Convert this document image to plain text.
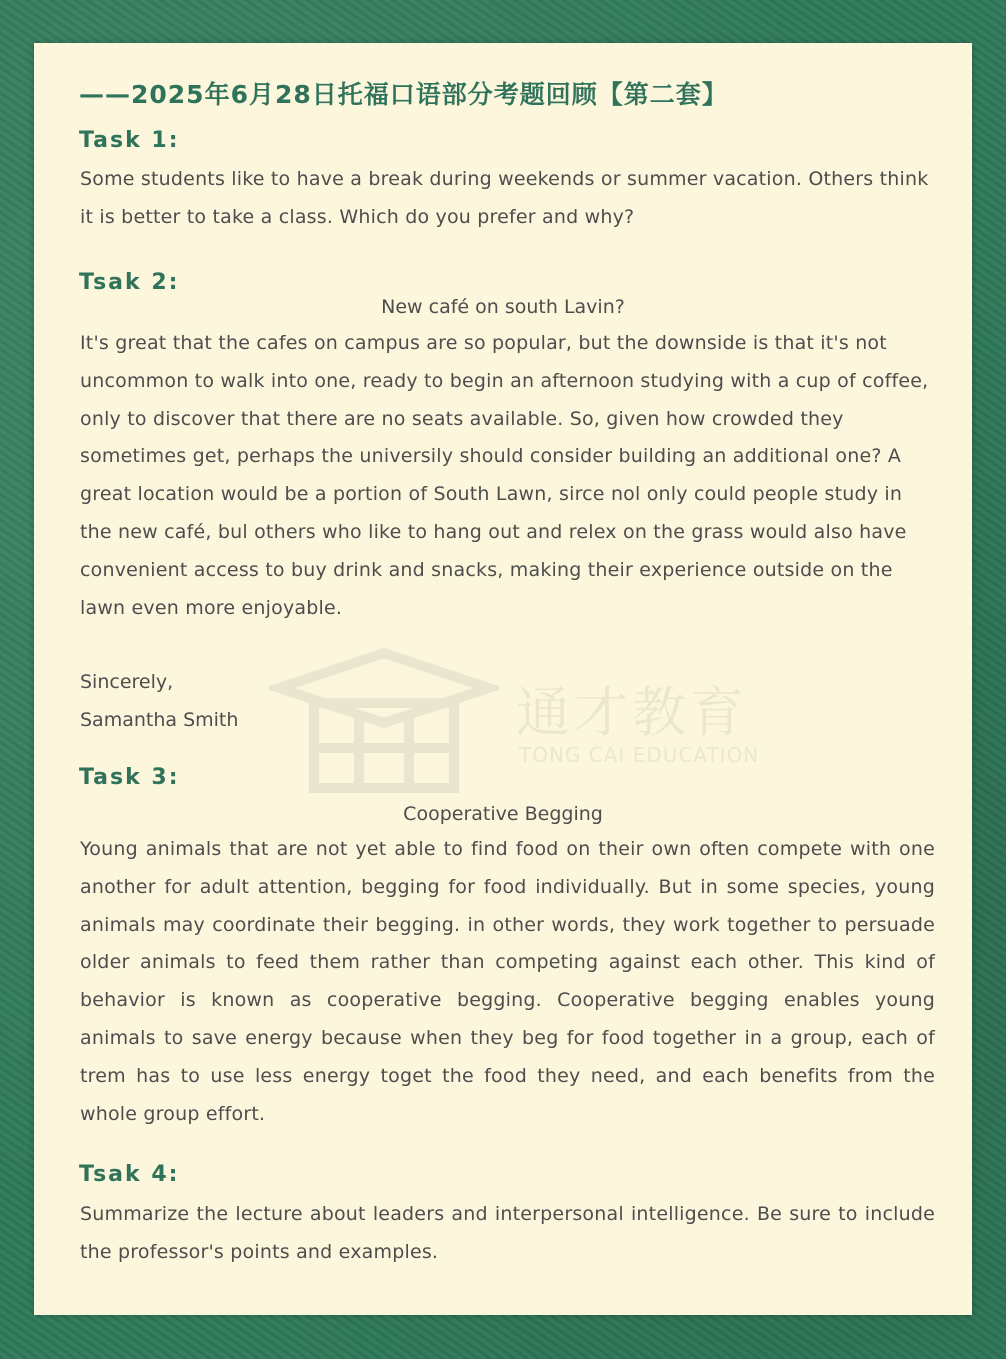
通才教育
TONG CAI EDUCATION
——2025年6月28日托福口语部分考题回顾【第二套】
Task 1:

Some students like to have a break during weekends or summer vacation. Others think it is better to take a class. Which do you prefer and why?

Tsak 2:

New café on south Lavin?

It's great that the cafes on campus are so popular, but the downside is that it's not uncommon to walk into one, ready to begin an afternoon studying with a cup of coffee, only to discover that there are no seats available. So, given how crowded they sometimes get, perhaps the universily should consider building an additional one? A great location would be a portion of South Lawn, sirce nol only could people study in the new café, bul others who like to hang out and relex on the grass would also have convenient access to buy drink and snacks, making their experience outside on the lawn even more enjoyable.

Sincerely,

Samantha Smith

Task 3:

Cooperative Begging

Young animals that are not yet able to find food on their own often compete with one another for adult attention, begging for food individually. But in some species, young animals may coordinate their begging. in other words, they work together to persuade older animals to feed them rather than competing against each other. This kind of behavior is known as cooperative begging. Cooperative begging enables young animals to save energy because when they beg for food together in a group, each of trem has to use less energy toget the food they need, and each benefits from the whole group effort.

Tsak 4:

Summarize the lecture about leaders and interpersonal intelligence. Be sure to include the professor's points and examples.
